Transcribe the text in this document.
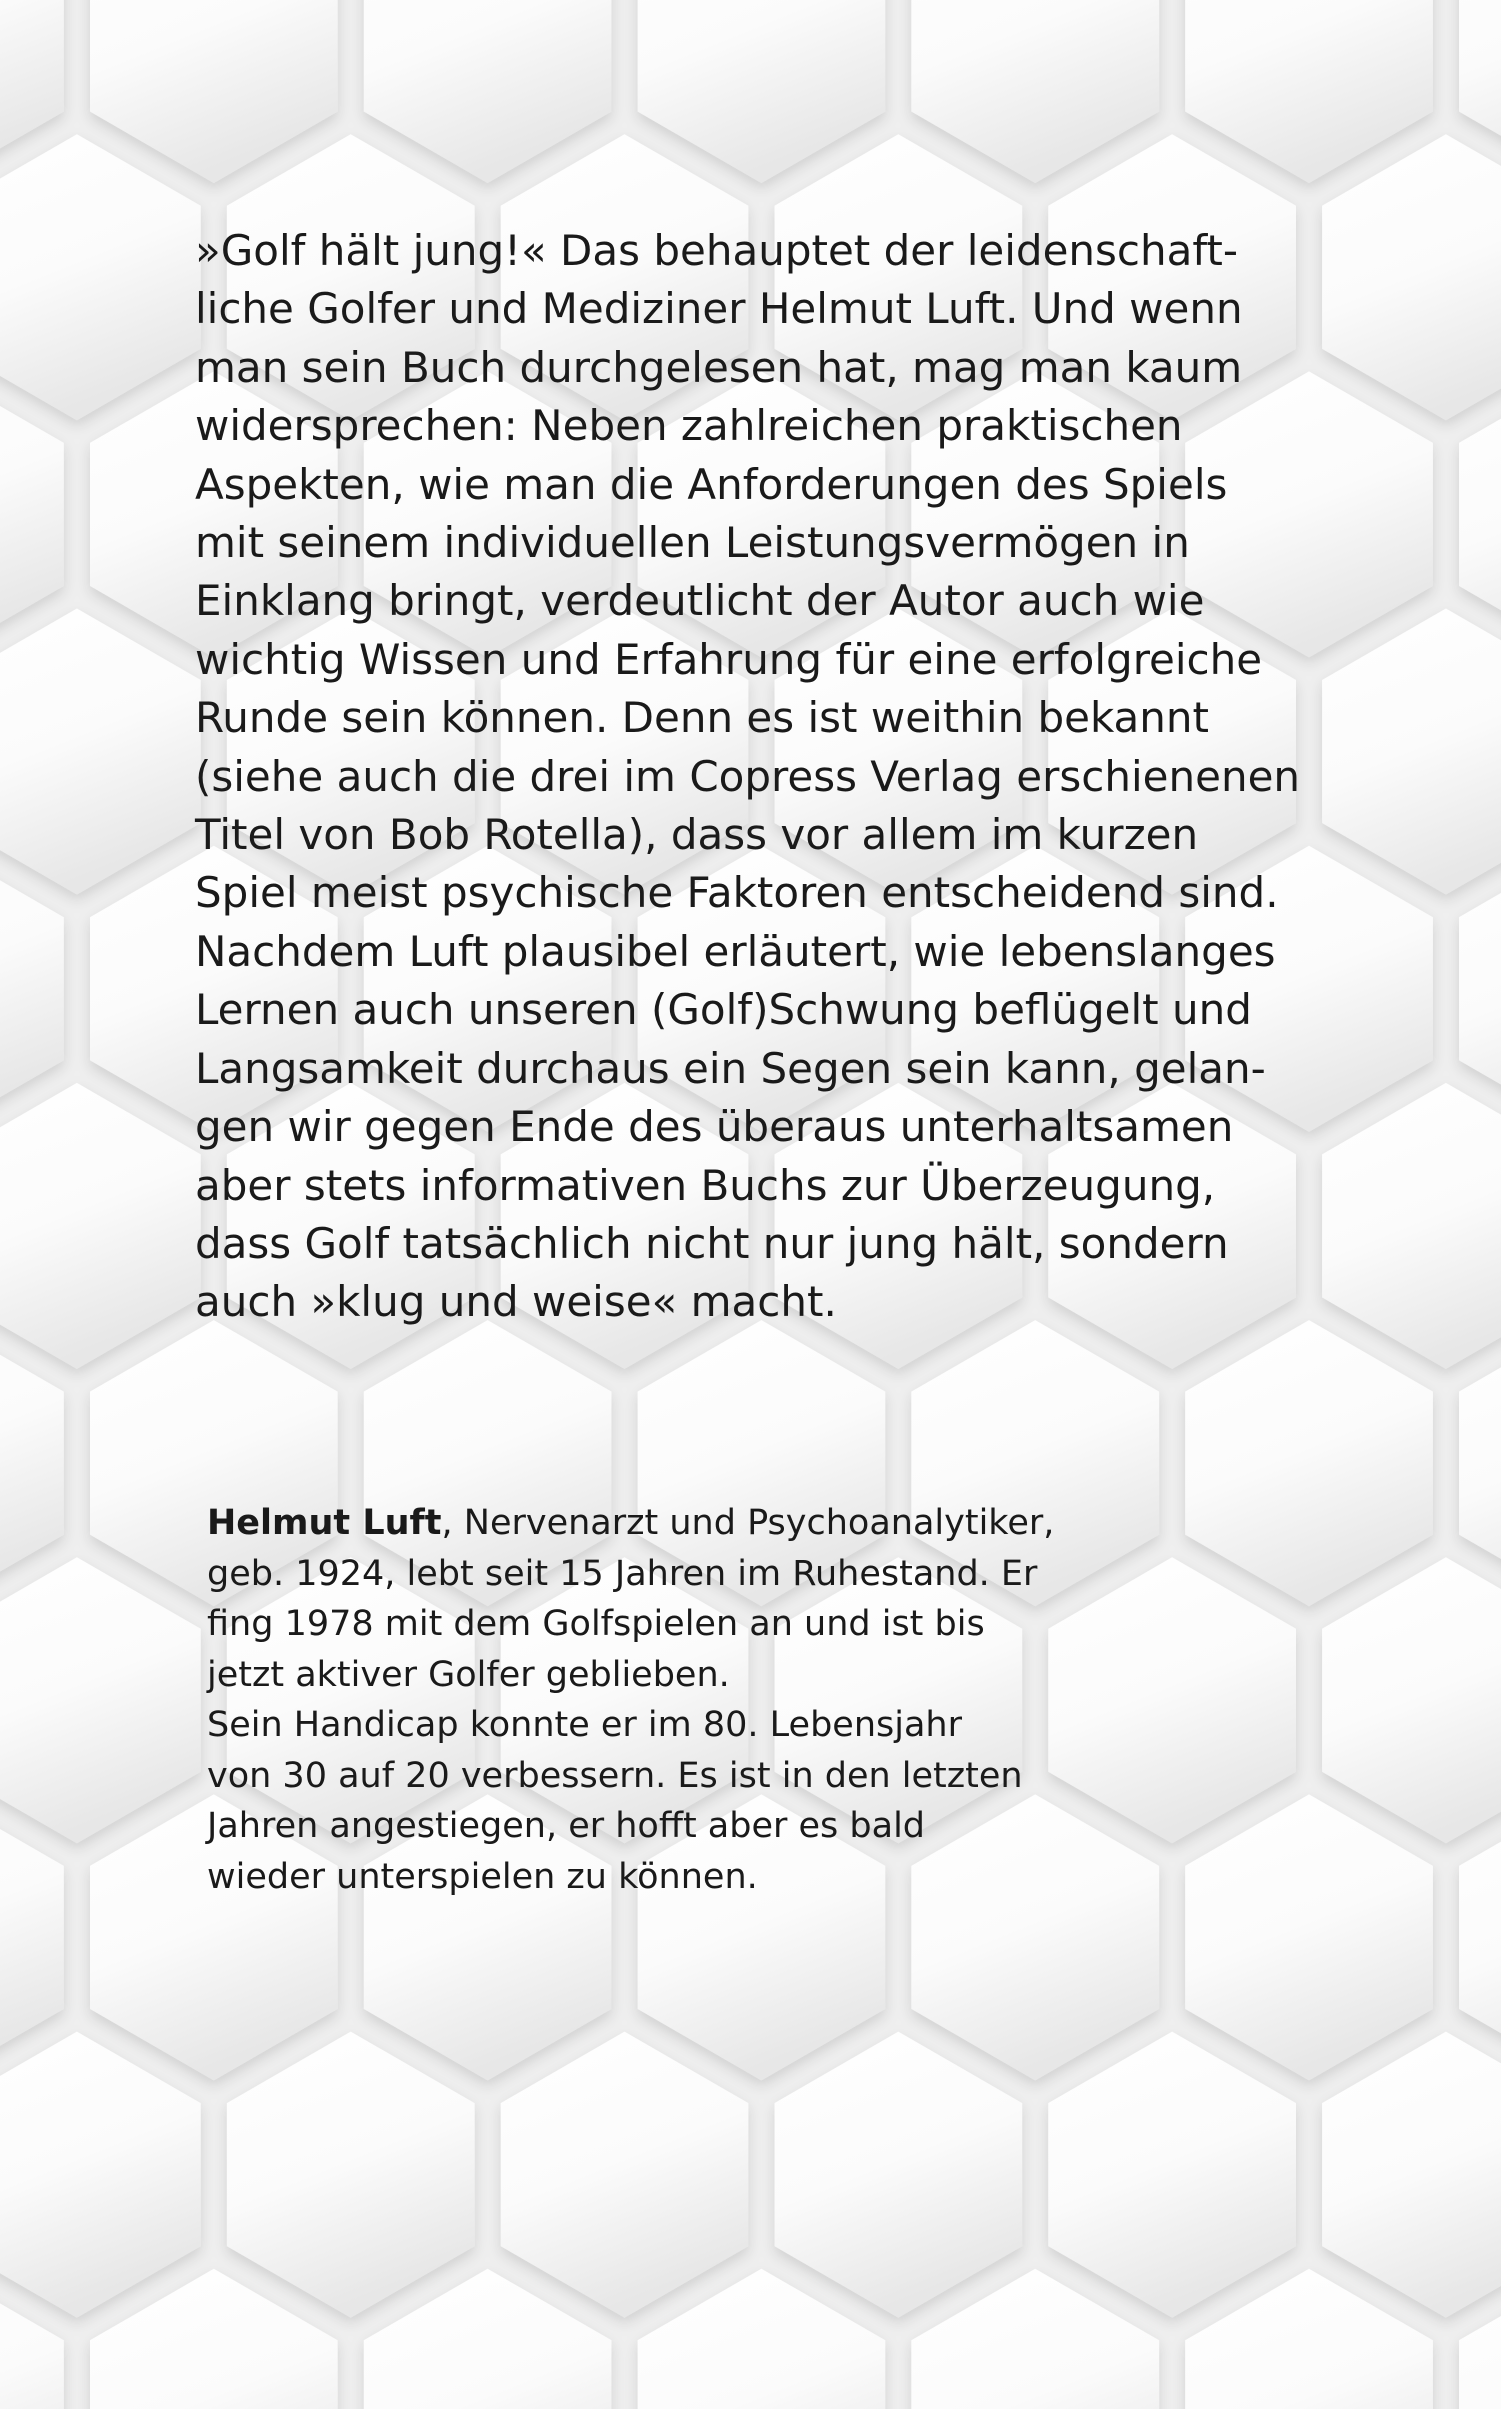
»Golf hält jung!« Das behauptet der leidenschaft-
liche Golfer und Mediziner Helmut Luft. Und wenn
man sein Buch durchgelesen hat, mag man kaum
widersprechen: Neben zahlreichen praktischen
Aspekten, wie man die Anforderungen des Spiels
mit seinem individuellen Leistungsvermögen in
Einklang bringt, verdeutlicht der Autor auch wie
wichtig Wissen und Erfahrung für eine erfolgreiche
Runde sein können. Denn es ist weithin bekannt
(siehe auch die drei im Copress Verlag erschienenen
Titel von Bob Rotella), dass vor allem im kurzen
Spiel meist psychische Faktoren entscheidend sind.
Nachdem Luft plausibel erläutert, wie lebenslanges
Lernen auch unseren (Golf)Schwung beflügelt und
Langsamkeit durchaus ein Segen sein kann, gelan-
gen wir gegen Ende des überaus unterhaltsamen
aber stets informativen Buchs zur Überzeugung,
dass Golf tatsächlich nicht nur jung hält, sondern
auch »klug und weise« macht.
Helmut Luft, Nervenarzt und Psychoanalytiker,
geb. 1924, lebt seit 15 Jahren im Ruhestand. Er
fing 1978 mit dem Golfspielen an und ist bis
jetzt aktiver Golfer geblieben.
Sein Handicap konnte er im 80. Lebensjahr
von 30 auf 20 verbessern. Es ist in den letzten
Jahren angestiegen, er hofft aber es bald
wieder unterspielen zu können.
